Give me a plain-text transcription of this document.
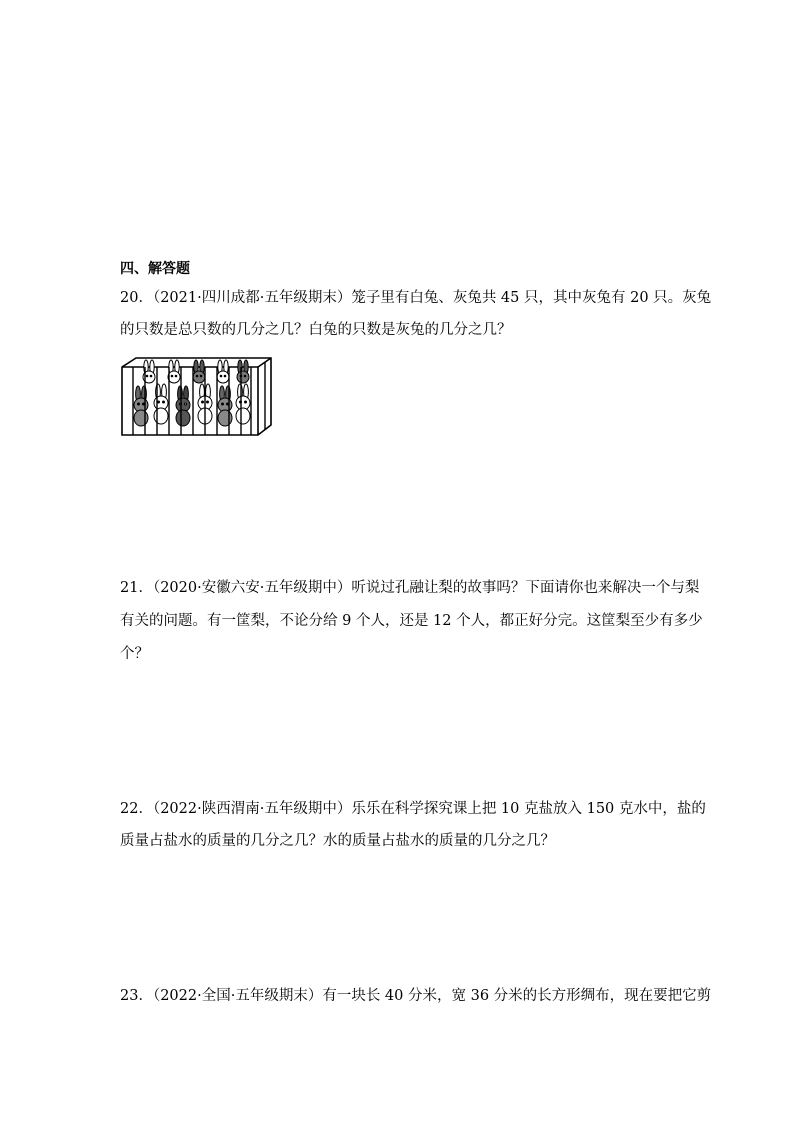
四、解答题
20．（2021·四川成都·五年级期末）笼子里有白兔、灰兔共 45 只，其中灰兔有 20 只。灰兔
的只数是总只数的几分之几？白兔的只数是灰兔的几分之几？
21．（2020·安徽六安·五年级期中）听说过孔融让梨的故事吗？下面请你也来解决一个与梨
有关的问题。有一筐梨，不论分给 9 个人，还是 12 个人，都正好分完。这筐梨至少有多少
个？
22．（2022·陕西渭南·五年级期中）乐乐在科学探究课上把 10 克盐放入 150 克水中，盐的
质量占盐水的质量的几分之几？水的质量占盐水的质量的几分之几？
23．（2022·全国·五年级期末）有一块长 40 分米，宽 36 分米的长方形绸布，现在要把它剪
